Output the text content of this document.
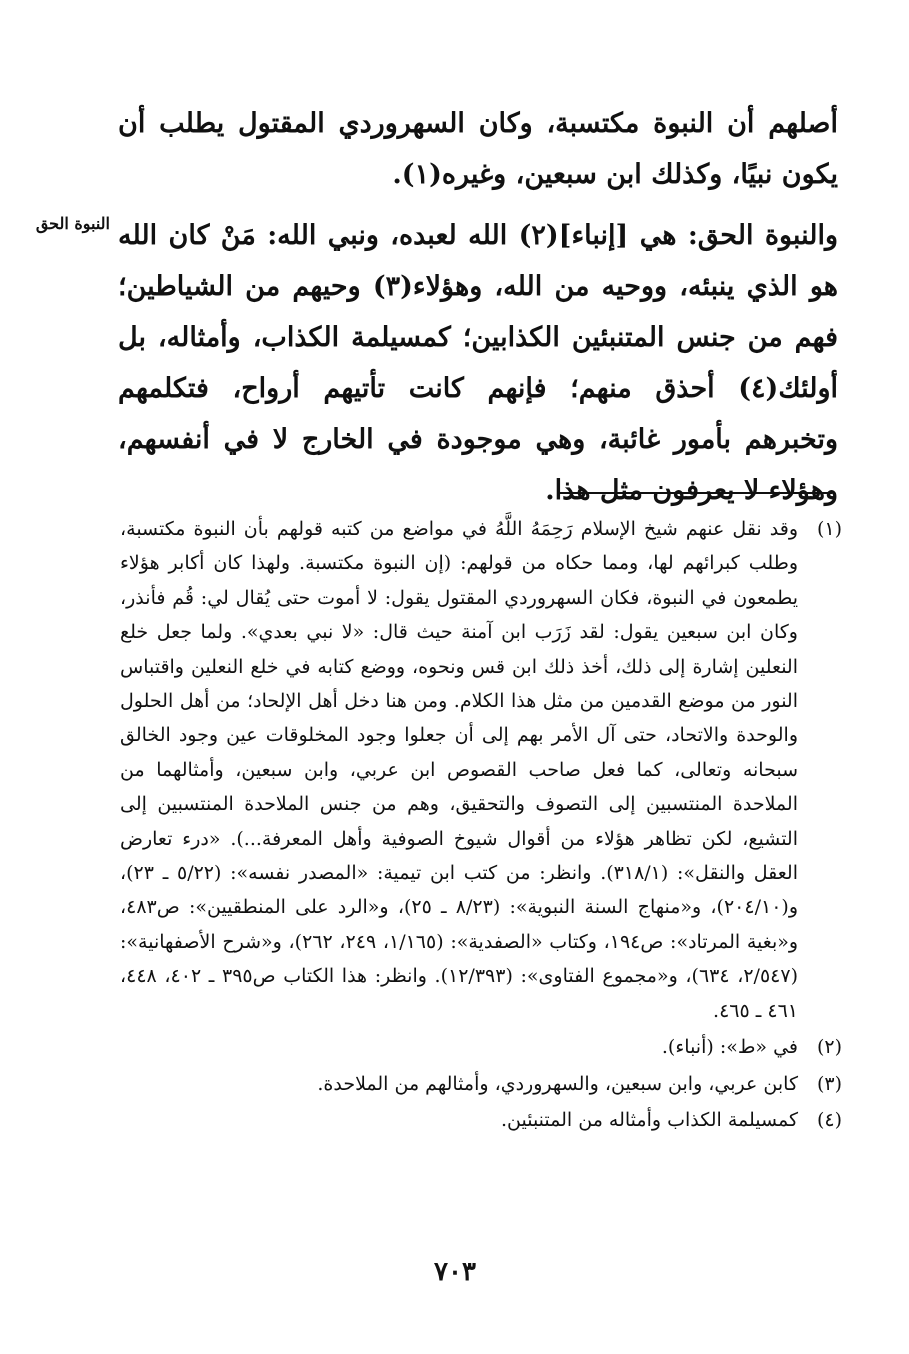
أصلهم أن النبوة مكتسبة، وكان السهروردي المقتول يطلب أن يكون نبيًا، وكذلك ابن سبعين، وغيره(١).

والنبوة الحق: هي [إنباء](٢) الله لعبده، ونبي الله: مَنْ كان الله هو الذي ينبئه، ووحيه من الله، وهؤلاء(٣) وحيهم من الشياطين؛ فهم من جنس المتنبئين الكذابين؛ كمسيلمة الكذاب، وأمثاله، بل أولئك(٤) أحذق منهم؛ فإنهم كانت تأتيهم أرواح، فتكلمهم وتخبرهم بأمور غائبة، وهي موجودة في الخارج لا في أنفسهم، وهؤلاء لا يعرفون مثل هذا.

النبوة الحق
(١)
وقد نقل عنهم شيخ الإسلام رَحِمَهُ اللَّهُ في مواضع من كتبه قولهم بأن النبوة مكتسبة، وطلب كبرائهم لها، ومما حكاه من قولهم: (إن النبوة مكتسبة. ولهذا كان أكابر هؤلاء يطمعون في النبوة، فكان السهروردي المقتول يقول: لا أموت حتى يُقال لي: قُم فأنذر، وكان ابن سبعين يقول: لقد زَرَب ابن آمنة حيث قال: «لا نبي بعدي». ولما جعل خلع النعلين إشارة إلى ذلك، أخذ ذلك ابن قس ونحوه، ووضع كتابه في خلع النعلين واقتباس النور من موضع القدمين من مثل هذا الكلام. ومن هنا دخل أهل الإلحاد؛ من أهل الحلول والوحدة والاتحاد، حتى آل الأمر بهم إلى أن جعلوا وجود المخلوقات عين وجود الخالق سبحانه وتعالى، كما فعل صاحب القصوص ابن عربي، وابن سبعين، وأمثالهما من الملاحدة المنتسبين إلى التصوف والتحقيق، وهم من جنس الملاحدة المنتسبين إلى التشيع، لكن تظاهر هؤلاء من أقوال شيوخ الصوفية وأهل المعرفة...). «درء تعارض العقل والنقل»: (٣١٨/١). وانظر: من كتب ابن تيمية: «المصدر نفسه»: (٥/٢٢ ـ ٢٣)، و(٢٠٤/١٠)، و«منهاج السنة النبوية»: (٨/٢٣ ـ ٢٥)، و«الرد على المنطقيين»: ص٤٨٣، و«بغية المرتاد»: ص١٩٤، وكتاب «الصفدية»: (١/١٦٥، ٢٤٩، ٢٦٢)، و«شرح الأصفهانية»: (٢/٥٤٧، ٦٣٤)، و«مجموع الفتاوى»: (١٢/٣٩٣). وانظر: هذا الكتاب ص٣٩٥ ـ ٤٠٢، ٤٤٨، ٤٦١ ـ ٤٦٥.
(٢)
في «ط»: (أنباء).
(٣)
كابن عربي، وابن سبعين، والسهروردي، وأمثالهم من الملاحدة.
(٤)
كمسيلمة الكذاب وأمثاله من المتنبئين.
٧٠٣
